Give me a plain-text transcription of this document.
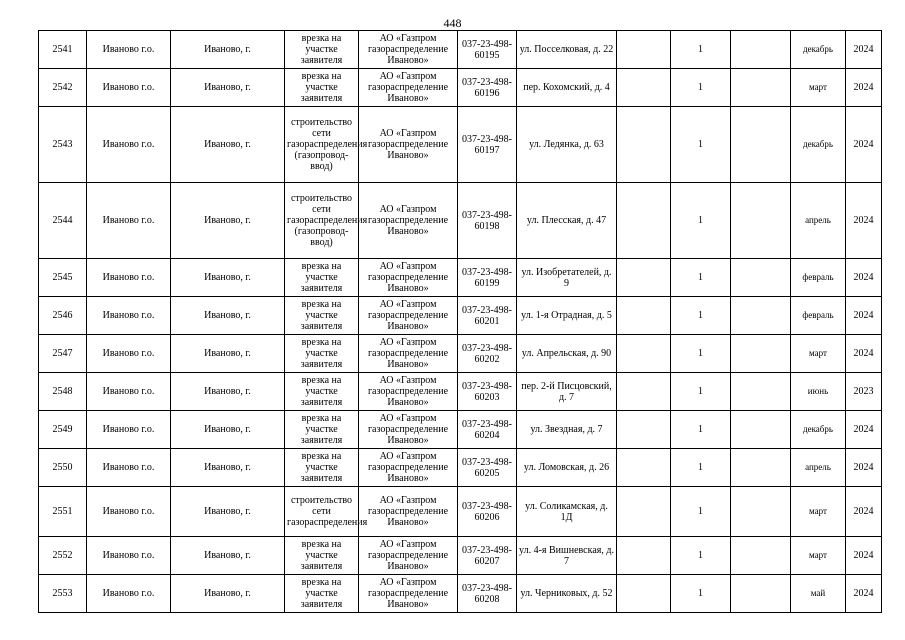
448
2541	Иваново г.о.	Иваново, г.	врезка на участке заявителя	АО «Газпром газораспределение Иваново»	037-23-498-60195	ул. Посселковая, д. 22		1		декабрь	2024
2542	Иваново г.о.	Иваново, г.	врезка на участке заявителя	АО «Газпром газораспределение Иваново»	037-23-498-60196	пер. Кохомский, д. 4		1		март	2024
2543	Иваново г.о.	Иваново, г.	строительство сети газораспределения (газопровод-ввод)	АО «Газпром газораспределение Иваново»	037-23-498-60197	ул. Ледянка, д. 63		1		декабрь	2024
2544	Иваново г.о.	Иваново, г.	строительство сети газораспределения (газопровод-ввод)	АО «Газпром газораспределение Иваново»	037-23-498-60198	ул. Плесская, д. 47		1		апрель	2024
2545	Иваново г.о.	Иваново, г.	врезка на участке заявителя	АО «Газпром газораспределение Иваново»	037-23-498-60199	ул. Изобретателей, д. 9		1		февраль	2024
2546	Иваново г.о.	Иваново, г.	врезка на участке заявителя	АО «Газпром газораспределение Иваново»	037-23-498-60201	ул. 1-я Отрадная, д. 5		1		февраль	2024
2547	Иваново г.о.	Иваново, г.	врезка на участке заявителя	АО «Газпром газораспределение Иваново»	037-23-498-60202	ул. Апрельская, д. 90		1		март	2024
2548	Иваново г.о.	Иваново, г.	врезка на участке заявителя	АО «Газпром газораспределение Иваново»	037-23-498-60203	пер. 2-й Писцовский, д. 7		1		июнь	2023
2549	Иваново г.о.	Иваново, г.	врезка на участке заявителя	АО «Газпром газораспределение Иваново»	037-23-498-60204	ул. Звездная, д. 7		1		декабрь	2024
2550	Иваново г.о.	Иваново, г.	врезка на участке заявителя	АО «Газпром газораспределение Иваново»	037-23-498-60205	ул. Ломовская, д. 26		1		апрель	2024
2551	Иваново г.о.	Иваново, г.	строительство сети газораспределения	АО «Газпром газораспределение Иваново»	037-23-498-60206	ул. Соликамская, д. 1Д		1		март	2024
2552	Иваново г.о.	Иваново, г.	врезка на участке заявителя	АО «Газпром газораспределение Иваново»	037-23-498-60207	ул. 4-я Вишневская, д. 7		1		март	2024
2553	Иваново г.о.	Иваново, г.	врезка на участке заявителя	АО «Газпром газораспределение Иваново»	037-23-498-60208	ул. Черниковых, д. 52		1		май	2024
